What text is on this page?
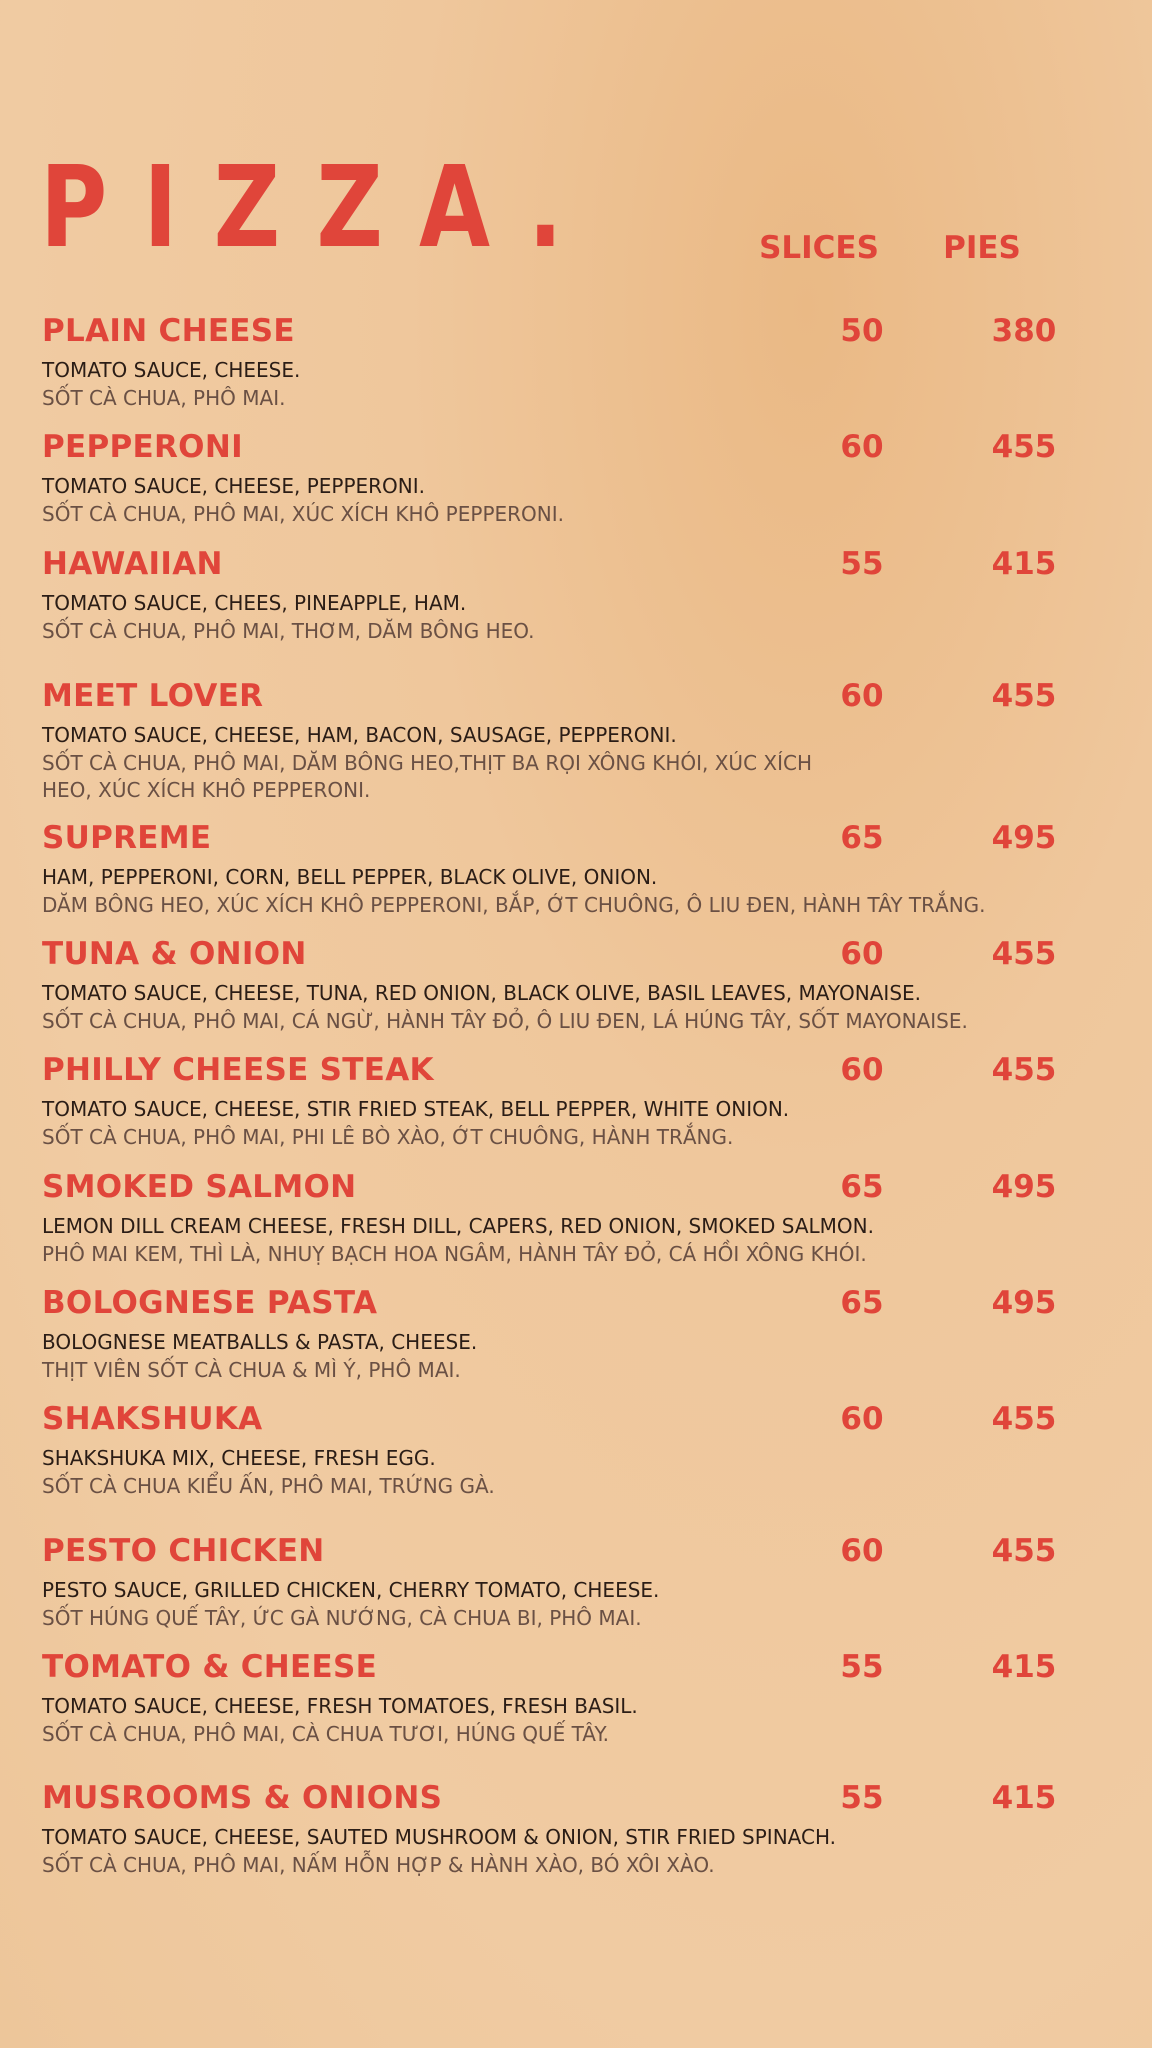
PIZZA.	SLICES	PIES
PLAIN CHEESE	50	380
TOMATO SAUCE, CHEESE.
SỐT CÀ CHUA, PHÔ MAI.
PEPPERONI	60	455
TOMATO SAUCE, CHEESE, PEPPERONI.
SỐT CÀ CHUA, PHÔ MAI, XÚC XÍCH KHÔ PEPPERONI.
HAWAIIAN	55	415
TOMATO SAUCE, CHEES, PINEAPPLE, HAM.
SỐT CÀ CHUA, PHÔ MAI, THƠM, DĂM BÔNG HEO.
MEET LOVER	60	455
TOMATO SAUCE, CHEESE, HAM, BACON, SAUSAGE, PEPPERONI.
SỐT CÀ CHUA, PHÔ MAI, DĂM BÔNG HEO,THỊT BA RỌI XÔNG KHÓI, XÚC XÍCH HEO, XÚC XÍCH KHÔ PEPPERONI.
SUPREME	65	495
HAM, PEPPERONI, CORN, BELL PEPPER, BLACK OLIVE, ONION.
DĂM BÔNG HEO, XÚC XÍCH KHÔ PEPPERONI, BẮP, ỚT CHUÔNG, Ô LIU ĐEN, HÀNH TÂY TRẮNG.
TUNA & ONION	60	455
TOMATO SAUCE, CHEESE, TUNA, RED ONION, BLACK OLIVE, BASIL LEAVES, MAYONAISE.
SỐT CÀ CHUA, PHÔ MAI, CÁ NGỪ, HÀNH TÂY ĐỎ, Ô LIU ĐEN, LÁ HÚNG TÂY, SỐT MAYONAISE.
PHILLY CHEESE STEAK	60	455
TOMATO SAUCE, CHEESE, STIR FRIED STEAK, BELL PEPPER, WHITE ONION.
SỐT CÀ CHUA, PHÔ MAI, PHI LÊ BÒ XÀO, ỚT CHUÔNG, HÀNH TRẮNG.
SMOKED SALMON	65	495
LEMON DILL CREAM CHEESE, FRESH DILL, CAPERS, RED ONION, SMOKED SALMON.
PHÔ MAI KEM, THÌ LÀ, NHUỴ BẠCH HOA NGÂM, HÀNH TÂY ĐỎ, CÁ HỒI XÔNG KHÓI.
BOLOGNESE PASTA	65	495
BOLOGNESE MEATBALLS & PASTA, CHEESE.
THỊT VIÊN SỐT CÀ CHUA & MÌ Ý, PHÔ MAI.
SHAKSHUKA	60	455
SHAKSHUKA MIX, CHEESE, FRESH EGG.
SỐT CÀ CHUA KIỂU ẤN, PHÔ MAI, TRỨNG GÀ.
PESTO CHICKEN	60	455
PESTO SAUCE, GRILLED CHICKEN, CHERRY TOMATO, CHEESE.
SỐT HÚNG QUẾ TÂY, ỨC GÀ NƯỚNG, CÀ CHUA BI, PHÔ MAI.
TOMATO & CHEESE	55	415
TOMATO SAUCE, CHEESE, FRESH TOMATOES, FRESH BASIL.
SỐT CÀ CHUA, PHÔ MAI, CÀ CHUA TƯƠI, HÚNG QUẾ TÂY.
MUSROOMS & ONIONS	55	415
TOMATO SAUCE, CHEESE, SAUTED MUSHROOM & ONION, STIR FRIED SPINACH.
SỐT CÀ CHUA, PHÔ MAI, NẤM HỖN HỢP & HÀNH XÀO, BÓ XÔI XÀO.
